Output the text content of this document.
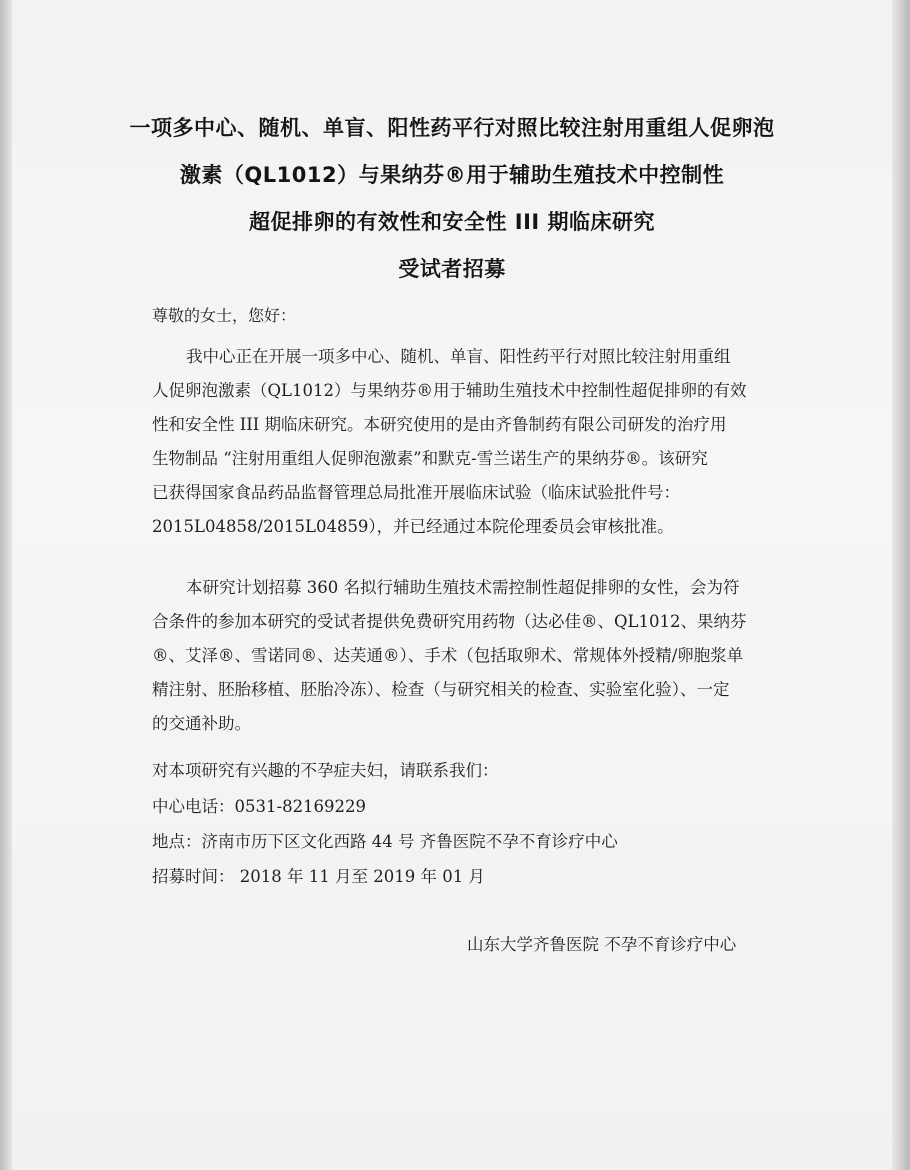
一项多中心、随机、单盲、阳性药平行对照比较注射用重组人促卵泡
激素（QL1012）与果纳芬®用于辅助生殖技术中控制性
超促排卵的有效性和安全性 III 期临床研究
受试者招募
尊敬的女士，您好：

我中心正在开展一项多中心、随机、单盲、阳性药平行对照比较注射用重组
人促卵泡激素（QL1012）与果纳芬®用于辅助生殖技术中控制性超促排卵的有效
性和安全性 III 期临床研究。本研究使用的是由齐鲁制药有限公司研发的治疗用
生物制品 “注射用重组人促卵泡激素”和默克-雪兰诺生产的果纳芬®。该研究
已获得国家食品药品监督管理总局批准开展临床试验（临床试验批件号：
2015L04858/2015L04859），并已经通过本院伦理委员会审核批准。

本研究计划招募 360 名拟行辅助生殖技术需控制性超促排卵的女性，会为符
合条件的参加本研究的受试者提供免费研究用药物（达必佳®、QL1012、果纳芬
®、艾泽®、雪诺同®、达芙通®）、手术（包括取卵术、常规体外授精/卵胞浆单
精注射、胚胎移植、胚胎冷冻）、检查（与研究相关的检查、实验室化验）、一定
的交通补助。

对本项研究有兴趣的不孕症夫妇，请联系我们：
中心电话：0531-82169229
地点：济南市历下区文化西路 44 号 齐鲁医院不孕不育诊疗中心
招募时间： 2018 年 11 月至 2019 年 01 月
山东大学齐鲁医院 不孕不育诊疗中心
